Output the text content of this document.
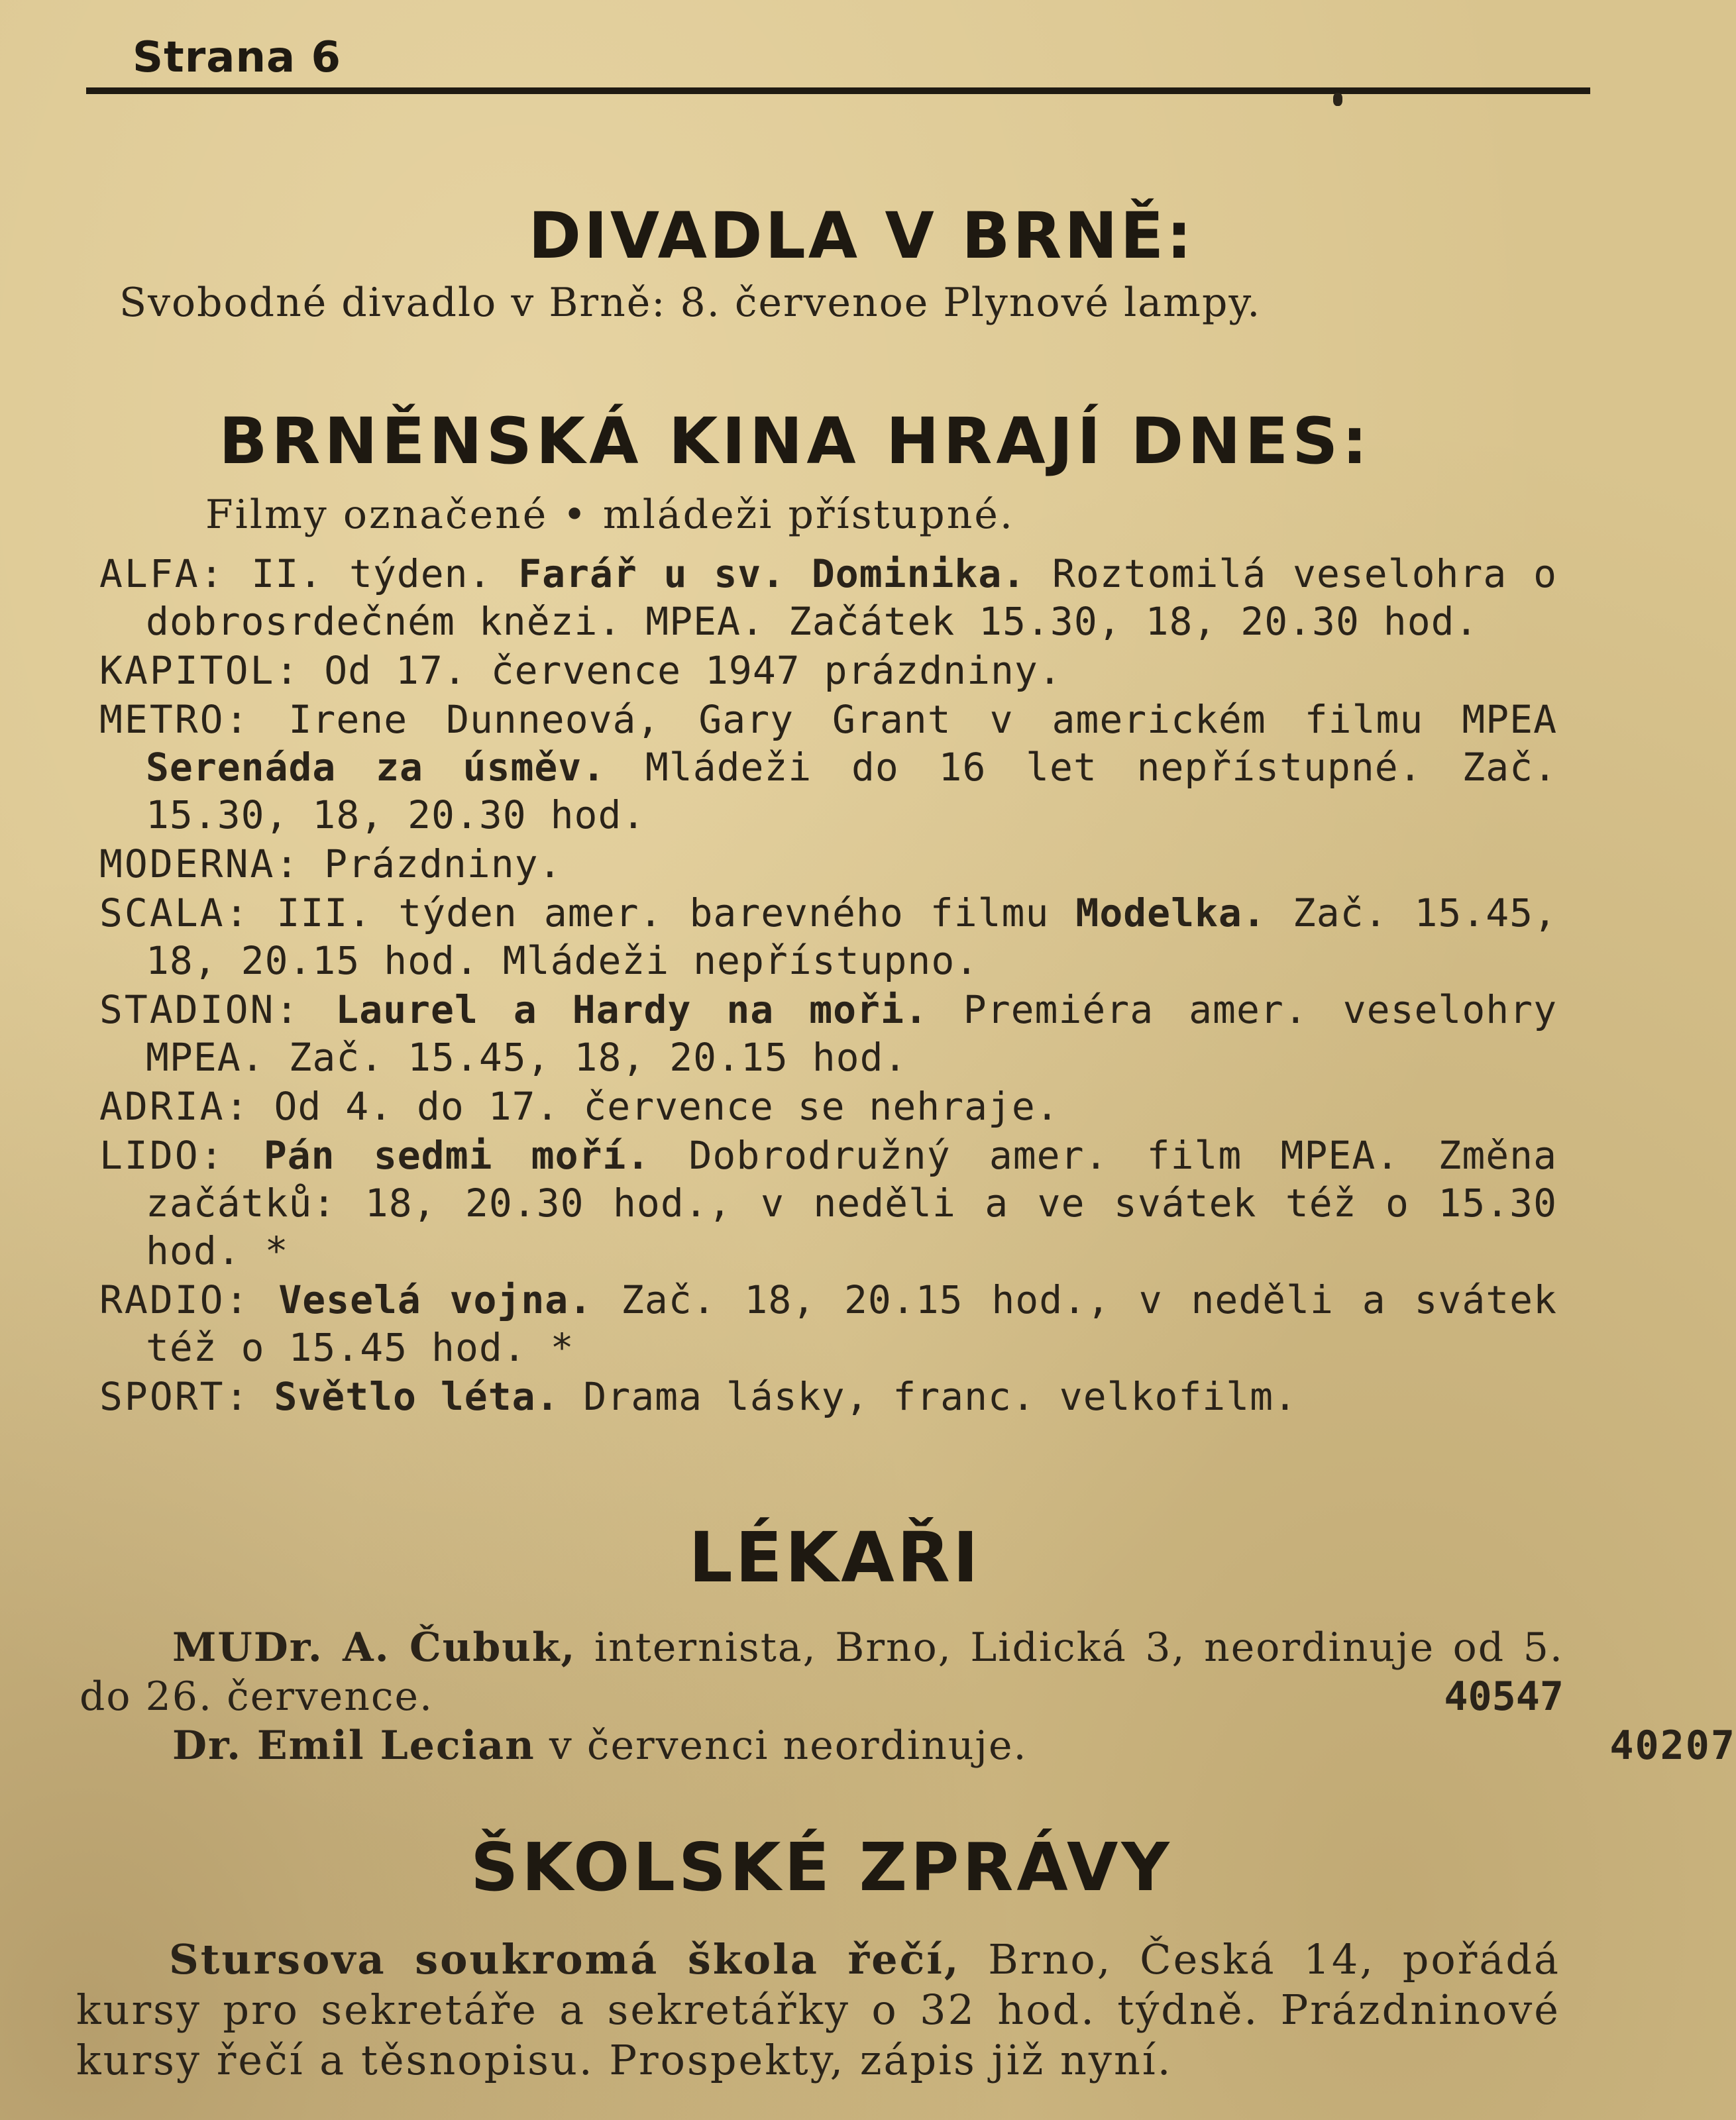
Strana 6
DIVADLA V BRNĚ:
Svobodné divadlo v Brně: 8. červenoe Plynové lampy.
BRNĚNSKÁ KINA HRAJÍ DNES:
Filmy označené • mládeži přístupné.
ALFA: II. týden. Farář u sv. Dominika. Roztomilá veselohra o dobrosrdečném knězi. MPEA. Začátek 15.30, 18, 20.30 hod.
KAPITOL: Od 17. července 1947 prázdniny.
METRO: Irene Dunneová, Gary Grant v americkém filmu MPEA Serenáda za úsměv. Mládeži do 16 let nepřístupné. Zač. 15.30, 18, 20.30 hod.
MODERNA: Prázdniny.
SCALA: III. týden amer. barevného filmu Modelka. Zač. 15.45, 18, 20.15 hod. Mládeži nepřístupno.
STADION: Laurel a Hardy na moři. Premiéra amer. veselohry MPEA. Zač. 15.45, 18, 20.15 hod.
ADRIA: Od 4. do 17. července se nehraje.
LIDO: Pán sedmi moří. Dobrodružný amer. film MPEA. Změna začátků: 18, 20.30 hod., v neděli a ve svátek též o 15.30 hod. *
RADIO: Veselá vojna. Zač. 18, 20.15 hod., v neděli a svátek též o 15.45 hod. *
SPORT: Světlo léta. Drama lásky, franc. velkofilm.
LÉKAŘI
MUDr. A. Čubuk, internista, Brno, Lidická 3, neordinuje od 5. do 26. července.	40547
Dr. Emil Lecian v červenci neordinuje.	40207
ŠKOLSKÉ ZPRÁVY
Stursova soukromá škola řečí, Brno, Česká 14, pořádá kursy pro sekretáře a sekretářky o 32 hod. týdně. Prázdninové kursy řečí a těsnopisu. Prospekty, zápis již nyní.
